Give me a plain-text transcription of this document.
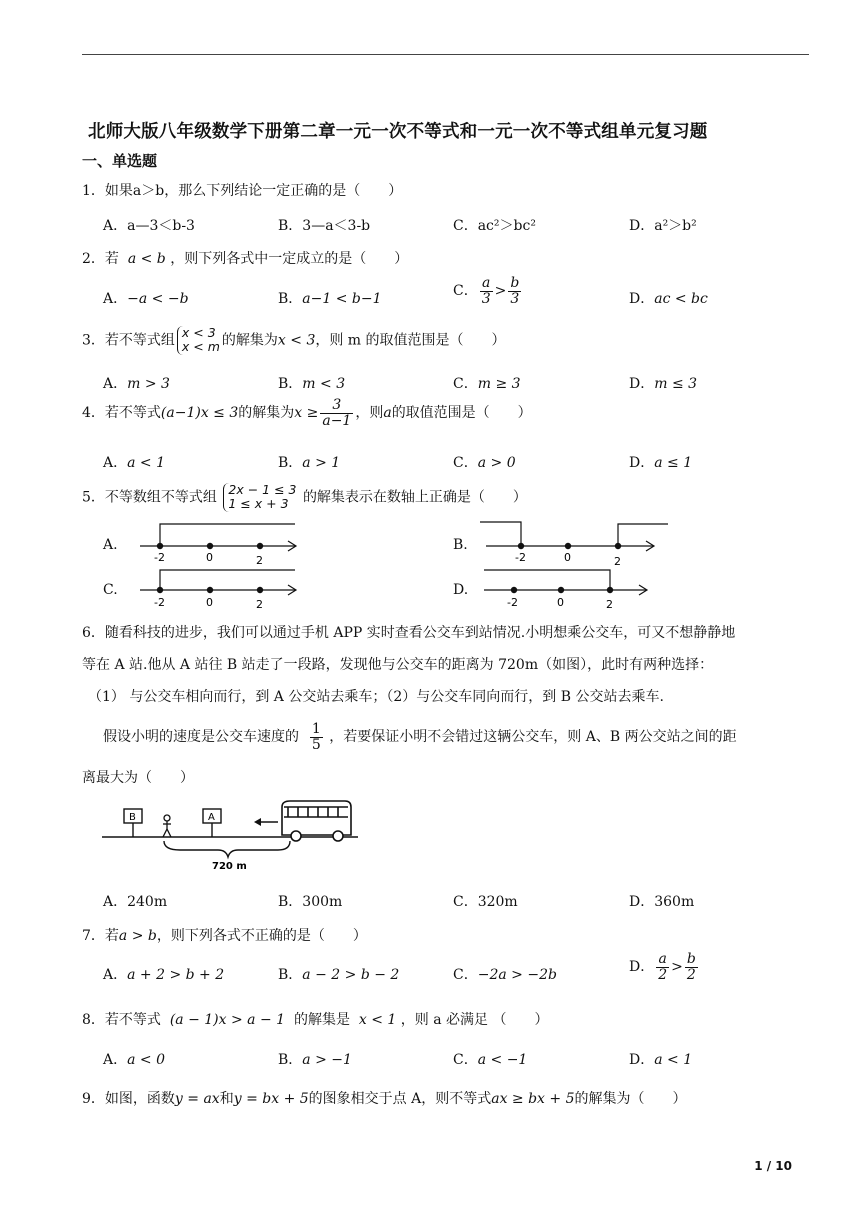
北师大版八年级数学下册第二章一元一次不等式和一元一次不等式组单元复习题
一、单选题
1．如果a＞b，那么下列结论一定正确的是（　　）
A．a—3＜b-3	B．3—a＜3-b	C．ac²＞bc²	D．a²＞b²
2．若 a < b ，则下列各式中一定成立的是（　　）
A．−a < −b	B．a−1 < b−1	C． $\frac{a}{3} > \frac{b}{3}$	D．ac < bc
3．若不等式组 x < 3
x < m 的解集为x < 3，则 m 的取值范围是（　　）
A．m > 3	B．m < 3	C．m ≥ 3	D．m ≤ 3
4．若不等式(a−1)x ≤ 3的解集为$x \ge \frac{3}{a-1}$ ，则a的取值范围是（　　）
A．a < 1	B．a > 1	C．a > 0	D．a ≤ 1
5．不等数组不等式组 2x − 1 ≤ 3
1 ≤ x + 3 的解集表示在数轴上正确是（　　）
A.
-2	0	2
B.
-2	0	2
C.
-2	0	2
D.
-2	0	2
6．随看科技的进步，我们可以通过手机 APP 实时查看公交车到站情况.小明想乘公交车，可又不想静静地
等在 A 站.他从 A 站往 B 站走了一段路，发现他与公交车的距离为 720m（如图），此时有两种选择：
（1） 与公交车相向而行，到 A 公交站去乘车；（2）与公交车同向而行，到 B 公交站去乘车.
假设小明的速度是公交车速度的 $\frac{1}{5}$ ，若要保证小明不会错过这辆公交车，则 A、B 两公交站之间的距
离最大为（　　）
B	A
720 m
A．240m	B．300m	C．320m	D．360m
7．若a > b，则下列各式不正确的是（　　）
A．a + 2 > b + 2	B．a − 2 > b − 2	C．−2a > −2b	D． $\frac{a}{2} > \frac{b}{2}$
8．若不等式 (a − 1)x > a − 1 的解集是 x < 1 ，则 a 必满足 （　　）
A．a < 0	B．a > −1	C．a < −1	D．a < 1
9．如图，函数y = ax和y = bx + 5的图象相交于点 A，则不等式ax ≥ bx + 5的解集为（　　）
1 / 10
